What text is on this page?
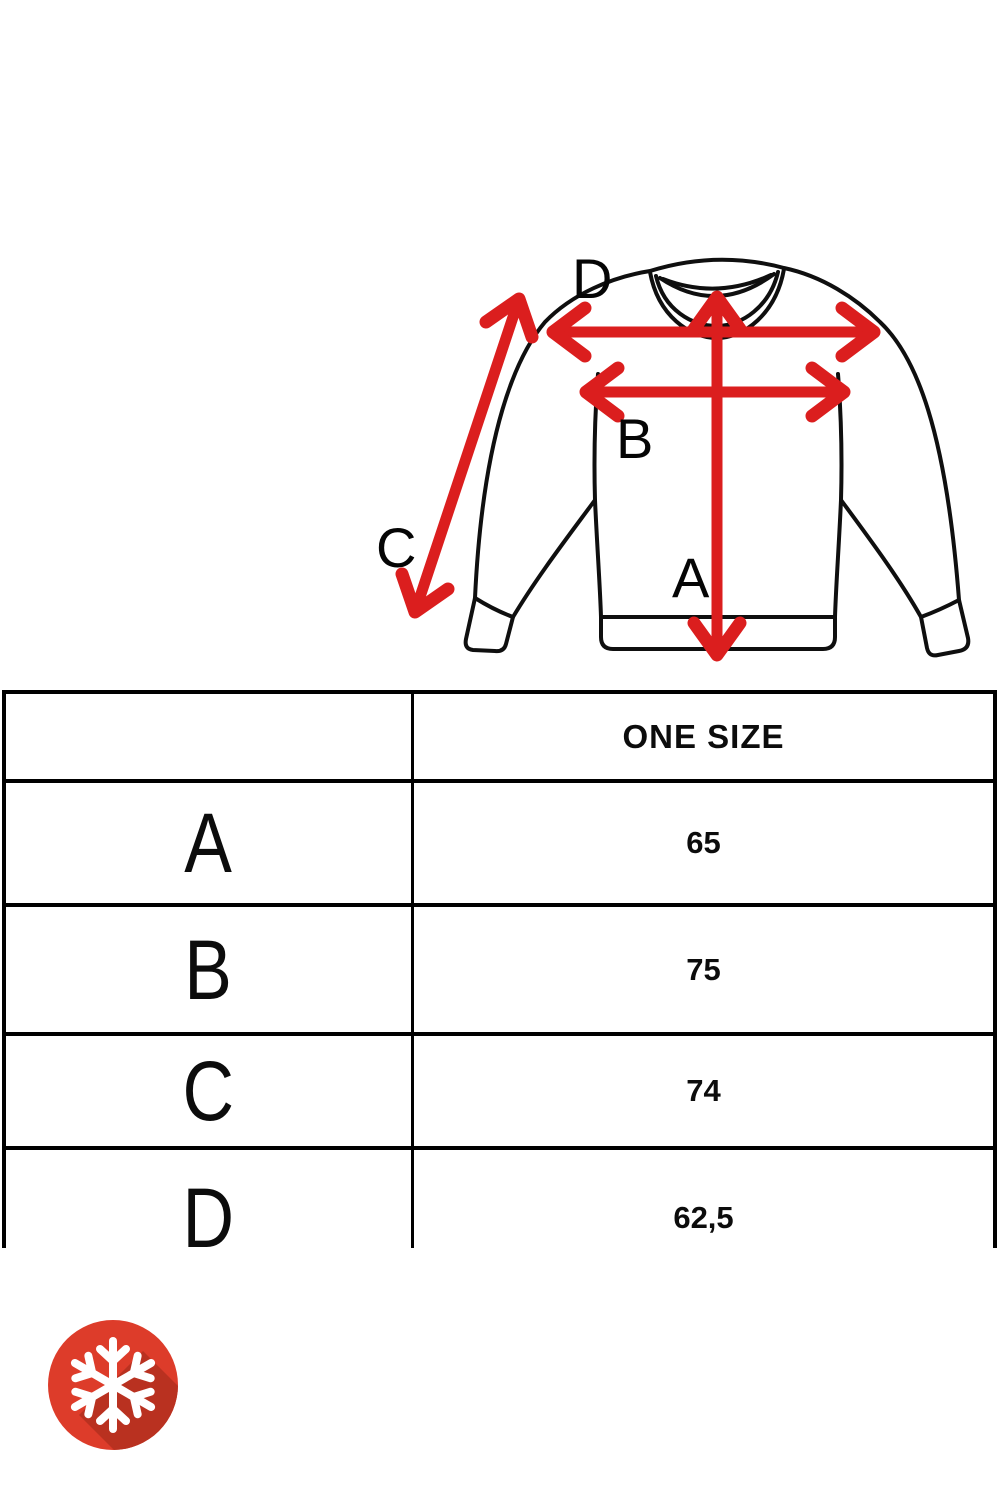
D
B
C	A
ONE SIZE
A	65
B	75
C	74
D	62,5
